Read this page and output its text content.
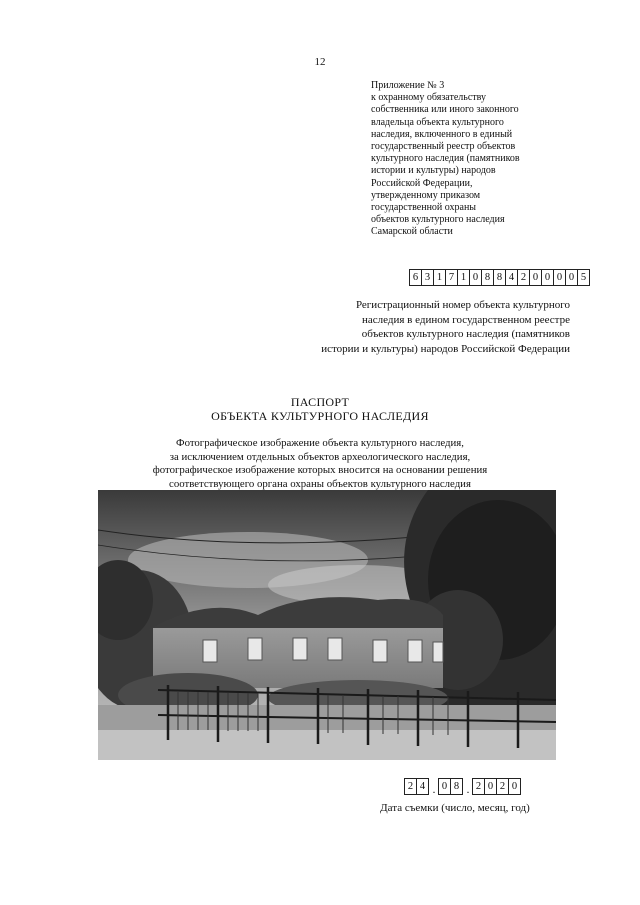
12
Приложение № 3
к охранному обязательству
собственника или иного законного
владельца объекта культурного
наследия, включенного в единый
государственный реестр объектов
культурного наследия (памятников
истории и культуры) народов
Российской Федерации,
утвержденному приказом
государственной охраны
объектов культурного наследия
Самарской области
6 3 1 7 1 0 8 8 4 2 0 0 0 0 5
Регистрационный номер объекта культурного
наследия в едином государственном реестре
объектов культурного наследия (памятников
истории и культуры) народов Российской Федерации
ПАСПОРТ
ОБЪЕКТА КУЛЬТУРНОГО НАСЛЕДИЯ
Фотографическое изображение объекта культурного наследия,
за исключением отдельных объектов археологического наследия,
фотографическое изображение которых вносится на основании решения
соответствующего органа охраны объектов культурного наследия
2 4 . 0 8 . 2 0 2 0
Дата съемки (число, месяц, год)
